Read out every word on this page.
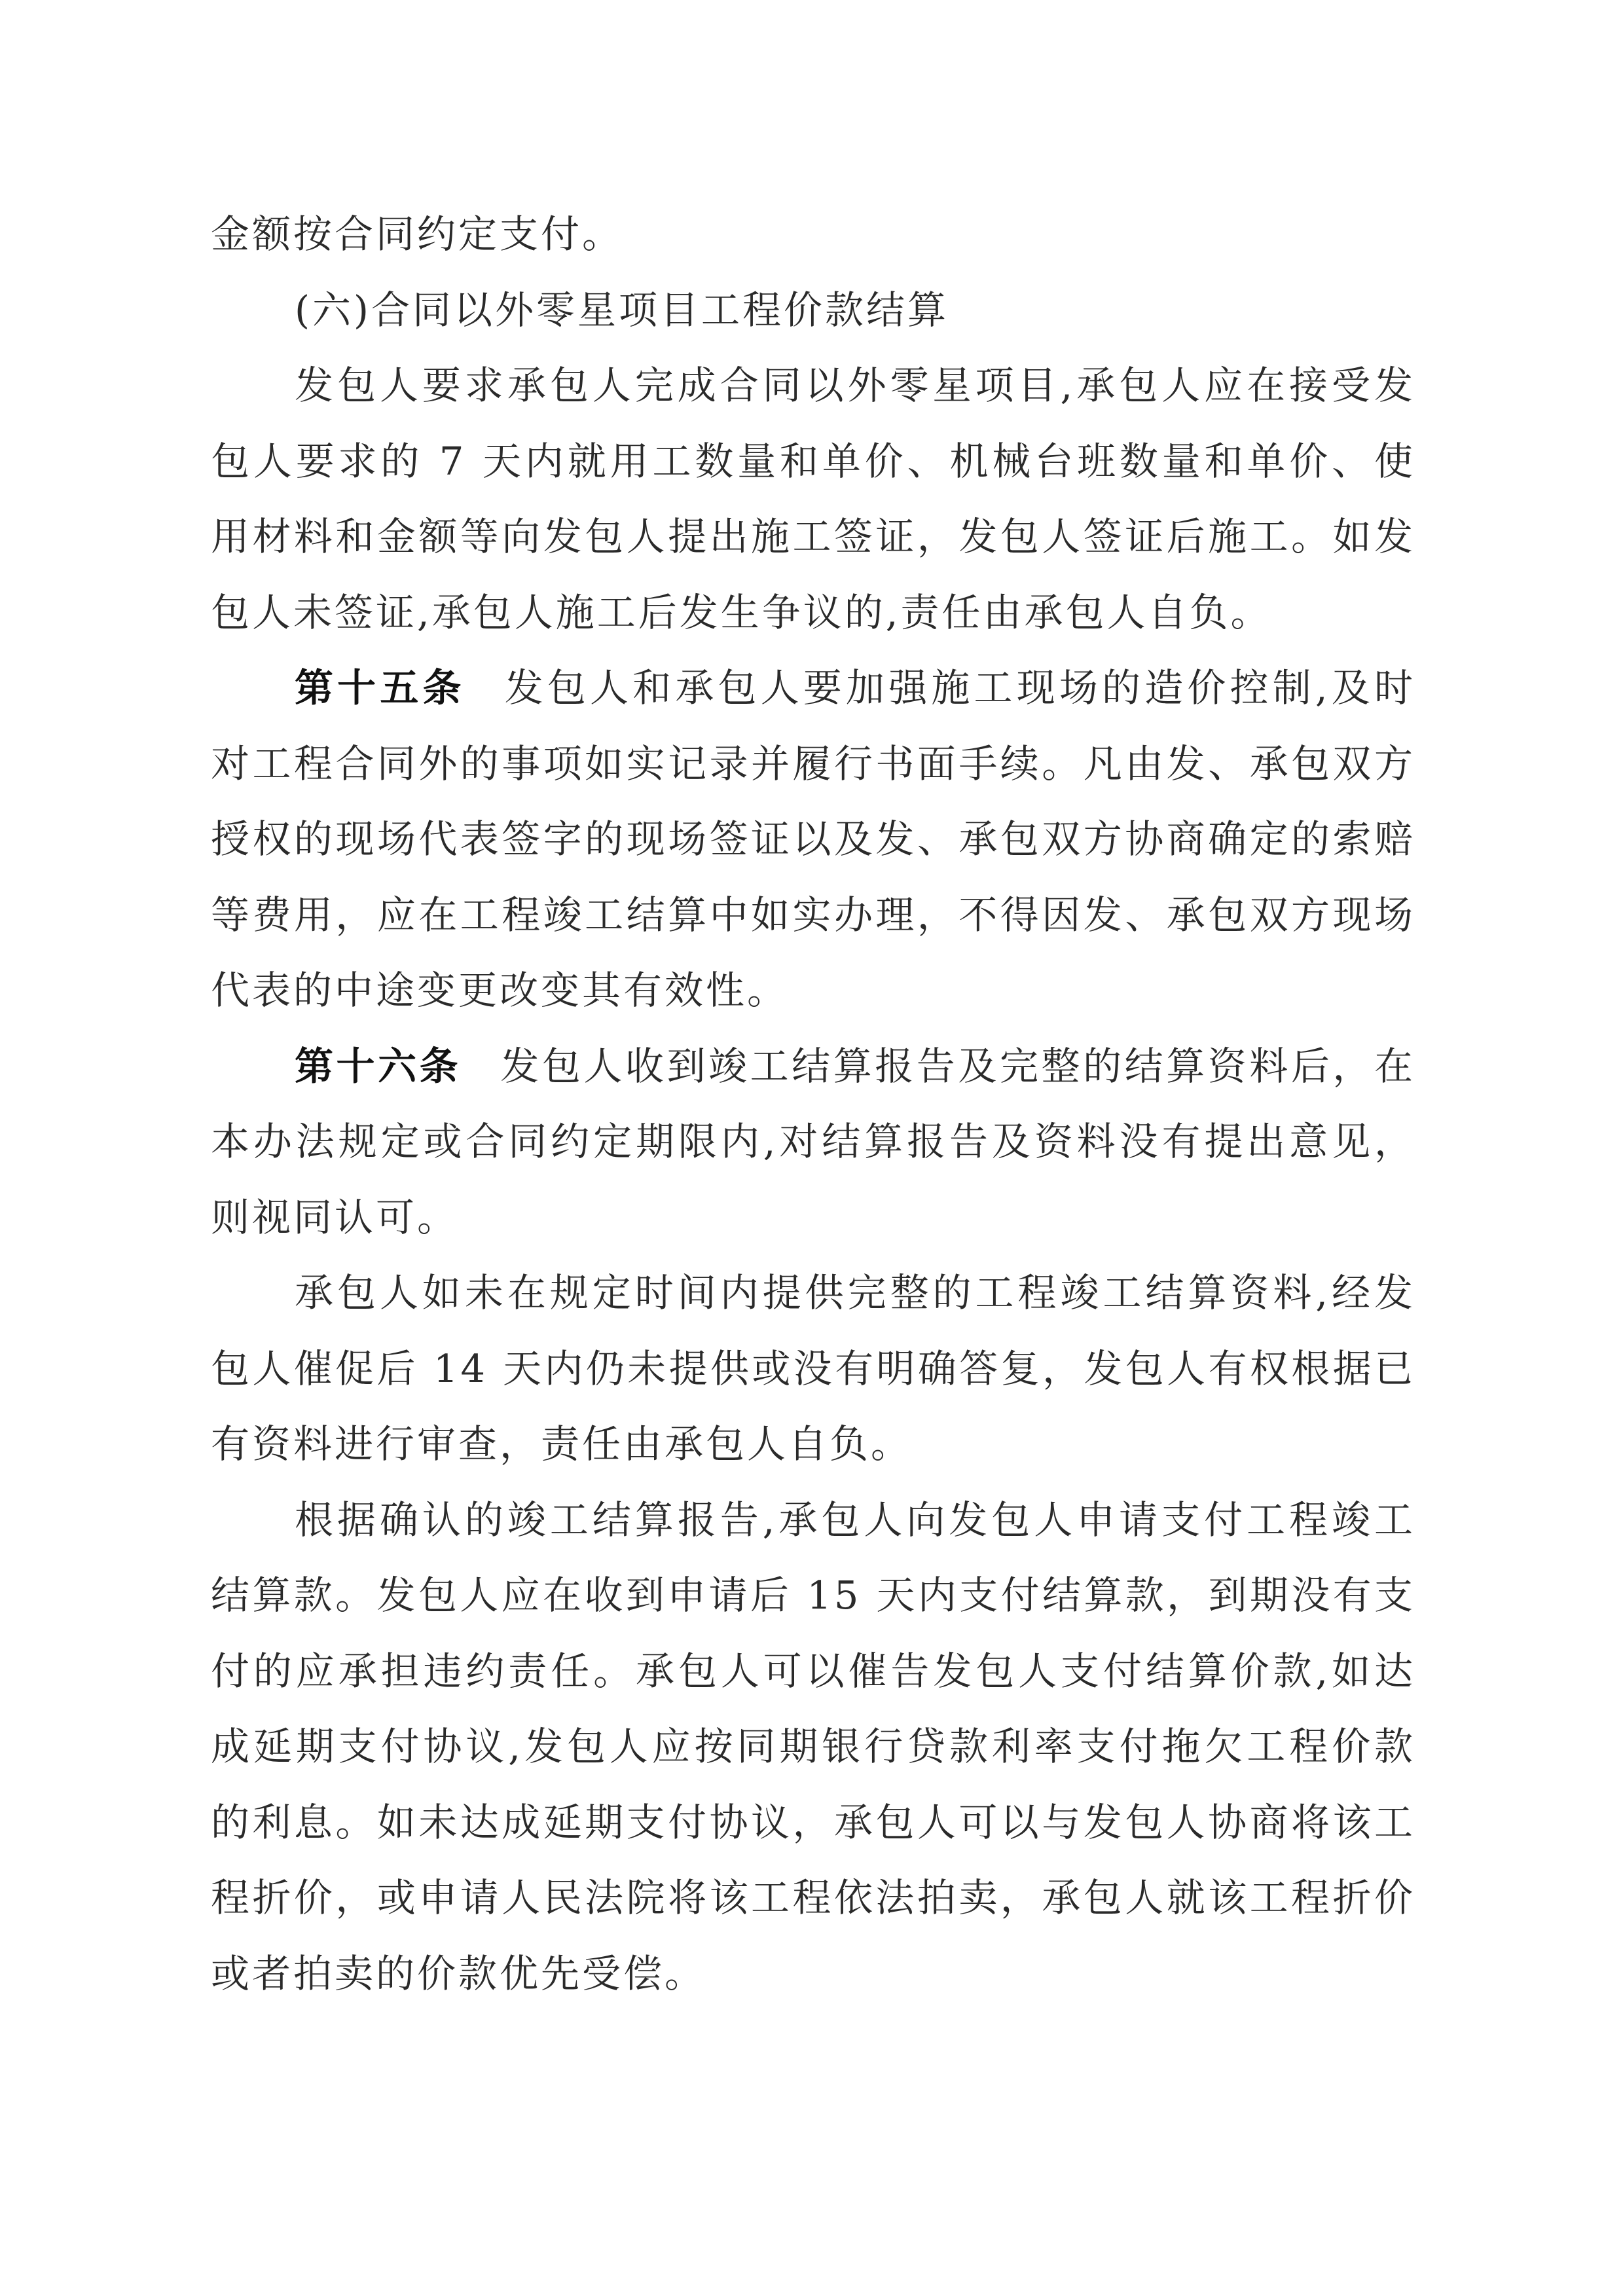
金额按合同约定支付。

(六)合同以外零星项目工程价款结算

发包人要求承包人完成合同以外零星项目,承包人应在接受发包人要求的 7 天内就用工数量和单价、机械台班数量和单价、使用材料和金额等向发包人提出施工签证，发包人签证后施工。如发包人未签证,承包人施工后发生争议的,责任由承包人自负。

第十五条 发包人和承包人要加强施工现场的造价控制,及时对工程合同外的事项如实记录并履行书面手续。凡由发、承包双方授权的现场代表签字的现场签证以及发、承包双方协商确定的索赔等费用，应在工程竣工结算中如实办理，不得因发、承包双方现场代表的中途变更改变其有效性。

第十六条 发包人收到竣工结算报告及完整的结算资料后，在本办法规定或合同约定期限内,对结算报告及资料没有提出意见，则视同认可。

承包人如未在规定时间内提供完整的工程竣工结算资料,经发包人催促后 14 天内仍未提供或没有明确答复，发包人有权根据已有资料进行审查，责任由承包人自负。

根据确认的竣工结算报告,承包人向发包人申请支付工程竣工结算款。发包人应在收到申请后 15 天内支付结算款，到期没有支付的应承担违约责任。承包人可以催告发包人支付结算价款,如达成延期支付协议,发包人应按同期银行贷款利率支付拖欠工程价款的利息。如未达成延期支付协议，承包人可以与发包人协商将该工程折价，或申请人民法院将该工程依法拍卖，承包人就该工程折价或者拍卖的价款优先受偿。
